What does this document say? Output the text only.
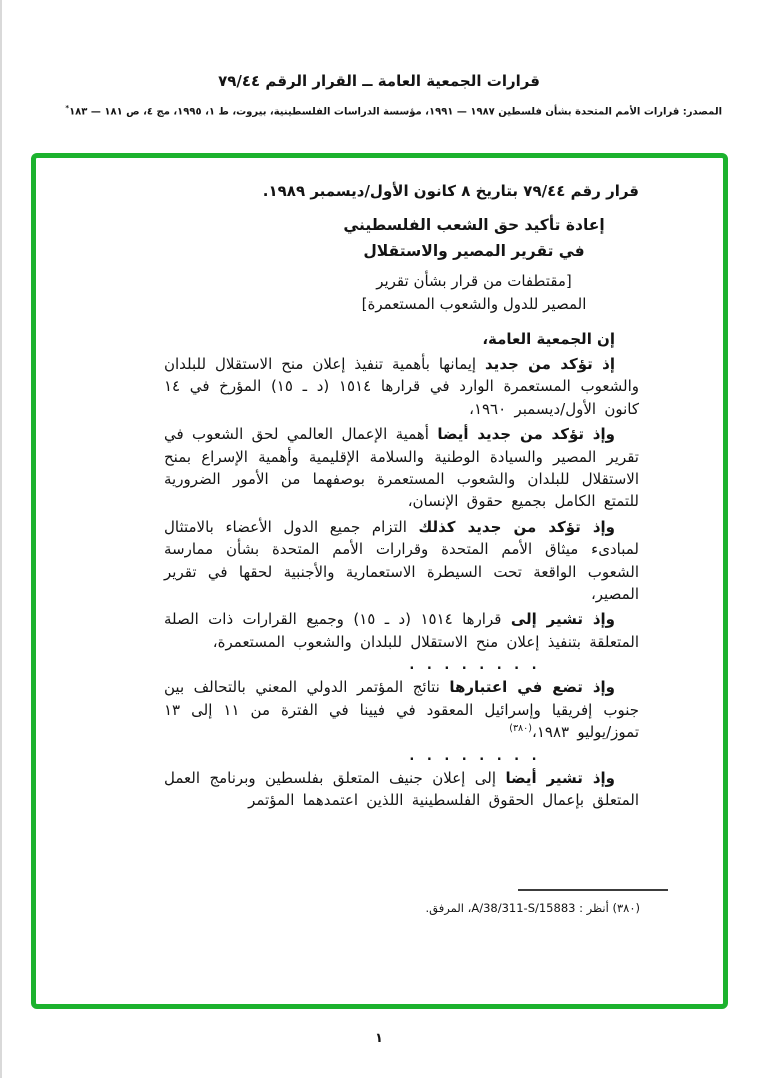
قرارات الجمعية العامة ــ القرار الرقم ٧٩/٤٤
المصدر: قرارات الأمم المتحدة بشأن فلسطين ١٩٨٧ — ١٩٩١، مؤسسة الدراسات الفلسطينية، بيروت، ط ١، ١٩٩٥، مج ٤، ص ١٨١ — ١٨٣*
قرار رقم ٧٩/٤٤ بتاريخ ٨ كانون الأول/ديسمبر ١٩٨٩.
إعادة تأكيد حق الشعب الفلسطيني
في تقرير المصير والاستقلال
[مقتطفات من قرار بشأن تقرير
المصير للدول والشعوب المستعمرة]

إن الجمعية العامة،

إذ تؤكد من جديد إيمانها بأهمية تنفيذ إعلان منح الاستقلال للبلدان والشعوب المستعمرة الوارد في قرارها ١٥١٤ (د ـ ١٥) المؤرخ في ١٤ كانون الأول/ديسمبر ١٩٦٠،

وإذ تؤكد من جديد أيضا أهمية الإعمال العالمي لحق الشعوب في تقرير المصير والسيادة الوطنية والسلامة الإقليمية وأهمية الإسراع بمنح الاستقلال للبلدان والشعوب المستعمرة بوصفهما من الأمور الضرورية للتمتع الكامل بجميع حقوق الإنسان،

وإذ تؤكد من جديد كذلك التزام جميع الدول الأعضاء بالامتثال لمبادىء ميثاق الأمم المتحدة وقرارات الأمم المتحدة بشأن ممارسة الشعوب الواقعة تحت السيطرة الاستعمارية والأجنبية لحقها في تقرير المصير،

وإذ تشير إلى قرارها ١٥١٤ (د ـ ١٥) وجميع القرارات ذات الصلة المتعلقة بتنفيذ إعلان منح الاستقلال للبلدان والشعوب المستعمرة،

. . . . . . . .

وإذ تضع في اعتبارها نتائج المؤتمر الدولي المعني بالتحالف بين جنوب إفريقيا وإسرائيل المعقود في فيينا في الفترة من ١١ إلى ١٣ تموز/يوليو ١٩٨٣،$^{(٣٨٠)}$

. . . . . . . .

وإذ تشير أيضا إلى إعلان جنيف المتعلق بفلسطين وبرنامج العمل المتعلق بإعمال الحقوق الفلسطينية اللذين اعتمدهما المؤتمر

(٣٨٠) أنظر : A/38/311-S/15883، المرفق.
١
